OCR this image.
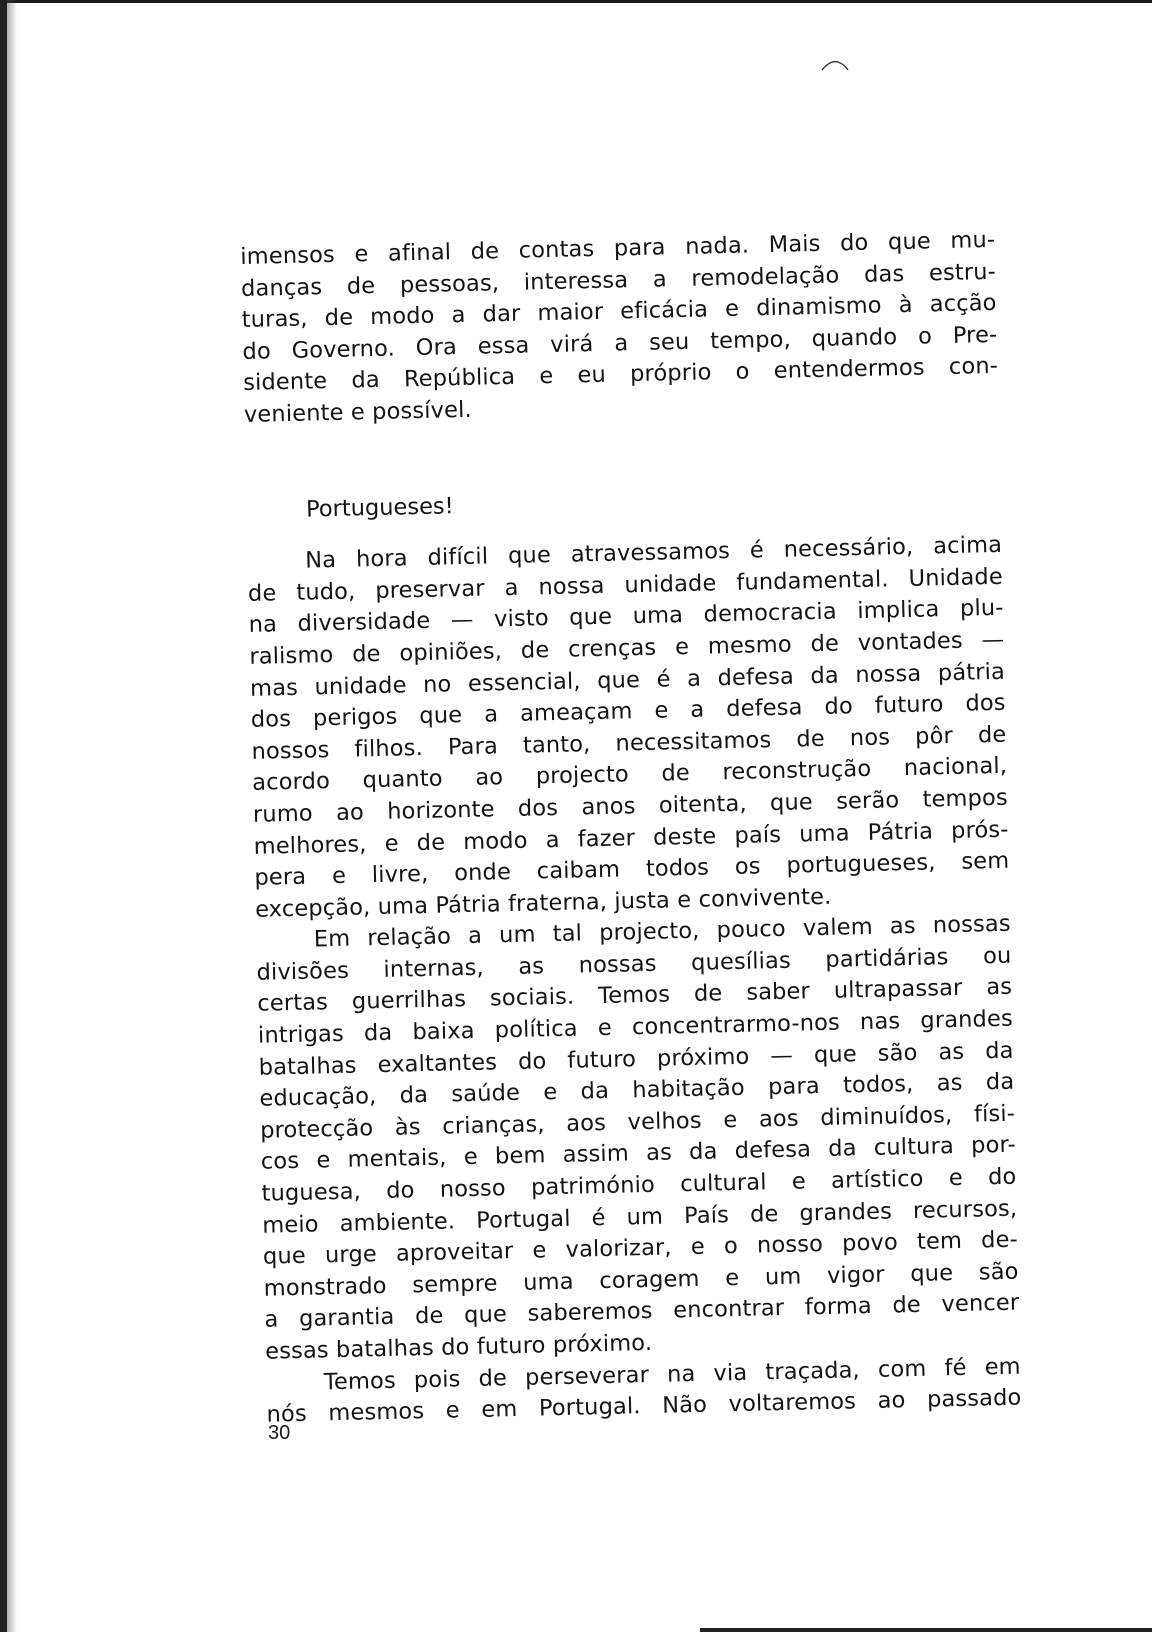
imensos e afinal de contas para nada. Mais do que mu-
danças de pessoas, interessa a remodelação das estru-
turas, de modo a dar maior eficácia e dinamismo à acção
do Governo. Ora essa virá a seu tempo, quando o Pre-
sidente da República e eu próprio o entendermos con-
veniente e possível.

Portugueses!

Na hora difícil que atravessamos é necessário, acima
de tudo, preservar a nossa unidade fundamental. Unidade
na diversidade — visto que uma democracia implica plu-
ralismo de opiniões, de crenças e mesmo de vontades —
mas unidade no essencial, que é a defesa da nossa pátria
dos perigos que a ameaçam e a defesa do futuro dos
nossos filhos. Para tanto, necessitamos de nos pôr de
acordo quanto ao projecto de reconstrução nacional,
rumo ao horizonte dos anos oitenta, que serão tempos
melhores, e de modo a fazer deste país uma Pátria prós-
pera e livre, onde caibam todos os portugueses, sem
excepção, uma Pátria fraterna, justa e convivente.

Em relação a um tal projecto, pouco valem as nossas
divisões internas, as nossas quesílias partidárias ou
certas guerrilhas sociais. Temos de saber ultrapassar as
intrigas da baixa política e concentrarmo-nos nas grandes
batalhas exaltantes do futuro próximo — que são as da
educação, da saúde e da habitação para todos, as da
protecção às crianças, aos velhos e aos diminuídos, físi-
cos e mentais, e bem assim as da defesa da cultura por-
tuguesa, do nosso património cultural e artístico e do
meio ambiente. Portugal é um País de grandes recursos,
que urge aproveitar e valorizar, e o nosso povo tem de-
monstrado sempre uma coragem e um vigor que são
a garantia de que saberemos encontrar forma de vencer
essas batalhas do futuro próximo.

Temos pois de perseverar na via traçada, com fé em
nós mesmos e em Portugal. Não voltaremos ao passado

30
